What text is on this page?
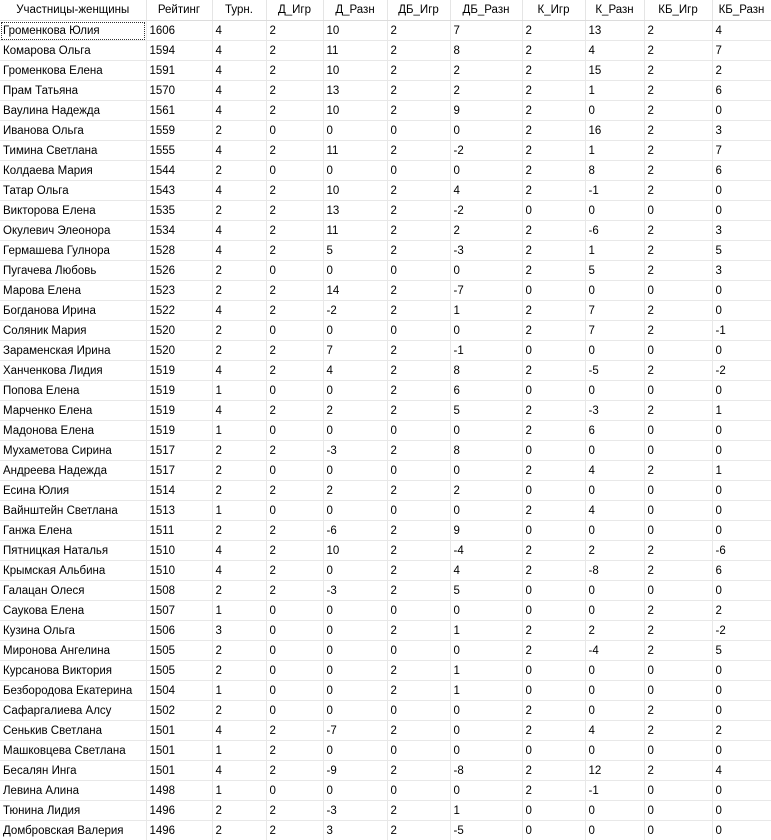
Участницы-женщины	Рейтинг	Турн.	Д_Игр	Д_Разн	ДБ_Игр	ДБ_Разн	К_Игр	К_Разн	КБ_Игр	КБ_Разн
Громенкова Юлия	1606	4	2	10	2	7	2	13	2	4
Комарова Ольга	1594	4	2	11	2	8	2	4	2	7
Громенкова Елена	1591	4	2	10	2	2	2	15	2	2
Прам Татьяна	1570	4	2	13	2	2	2	1	2	6
Ваулина Надежда	1561	4	2	10	2	9	2	0	2	0
Иванова Ольга	1559	2	0	0	0	0	2	16	2	3
Тимина Светлана	1555	4	2	11	2	-2	2	1	2	7
Колдаева Мария	1544	2	0	0	0	0	2	8	2	6
Татар Ольга	1543	4	2	10	2	4	2	-1	2	0
Викторова Елена	1535	2	2	13	2	-2	0	0	0	0
Окулевич Элеонора	1534	4	2	11	2	2	2	-6	2	3
Гермашева Гулнора	1528	4	2	5	2	-3	2	1	2	5
Пугачева Любовь	1526	2	0	0	0	0	2	5	2	3
Марова Елена	1523	2	2	14	2	-7	0	0	0	0
Богданова Ирина	1522	4	2	-2	2	1	2	7	2	0
Соляник Мария	1520	2	0	0	0	0	2	7	2	-1
Зараменская Ирина	1520	2	2	7	2	-1	0	0	0	0
Ханченкова Лидия	1519	4	2	4	2	8	2	-5	2	-2
Попова Елена	1519	1	0	0	2	6	0	0	0	0
Марченко Елена	1519	4	2	2	2	5	2	-3	2	1
Мадонова Елена	1519	1	0	0	0	0	2	6	0	0
Мухаметова Сирина	1517	2	2	-3	2	8	0	0	0	0
Андреева Надежда	1517	2	0	0	0	0	2	4	2	1
Есина Юлия	1514	2	2	2	2	2	0	0	0	0
Вайнштейн Светлана	1513	1	0	0	0	0	2	4	0	0
Ганжа Елена	1511	2	2	-6	2	9	0	0	0	0
Пятницкая Наталья	1510	4	2	10	2	-4	2	2	2	-6
Крымская Альбина	1510	4	2	0	2	4	2	-8	2	6
Галацан Олеся	1508	2	2	-3	2	5	0	0	0	0
Саукова Елена	1507	1	0	0	0	0	0	0	2	2
Кузина Ольга	1506	3	0	0	2	1	2	2	2	-2
Миронова Ангелина	1505	2	0	0	0	0	2	-4	2	5
Курсанова Виктория	1505	2	0	0	2	1	0	0	0	0
Безбородова Екатерина	1504	1	0	0	2	1	0	0	0	0
Сафаргалиева Алсу	1502	2	0	0	0	0	2	0	2	0
Сенькив Светлана	1501	4	2	-7	2	0	2	4	2	2
Машковцева Светлана	1501	1	2	0	0	0	0	0	0	0
Бесалян Инга	1501	4	2	-9	2	-8	2	12	2	4
Левина Алина	1498	1	0	0	0	0	2	-1	0	0
Тюнина Лидия	1496	2	2	-3	2	1	0	0	0	0
Домбровская Валерия	1496	2	2	3	2	-5	0	0	0	0
